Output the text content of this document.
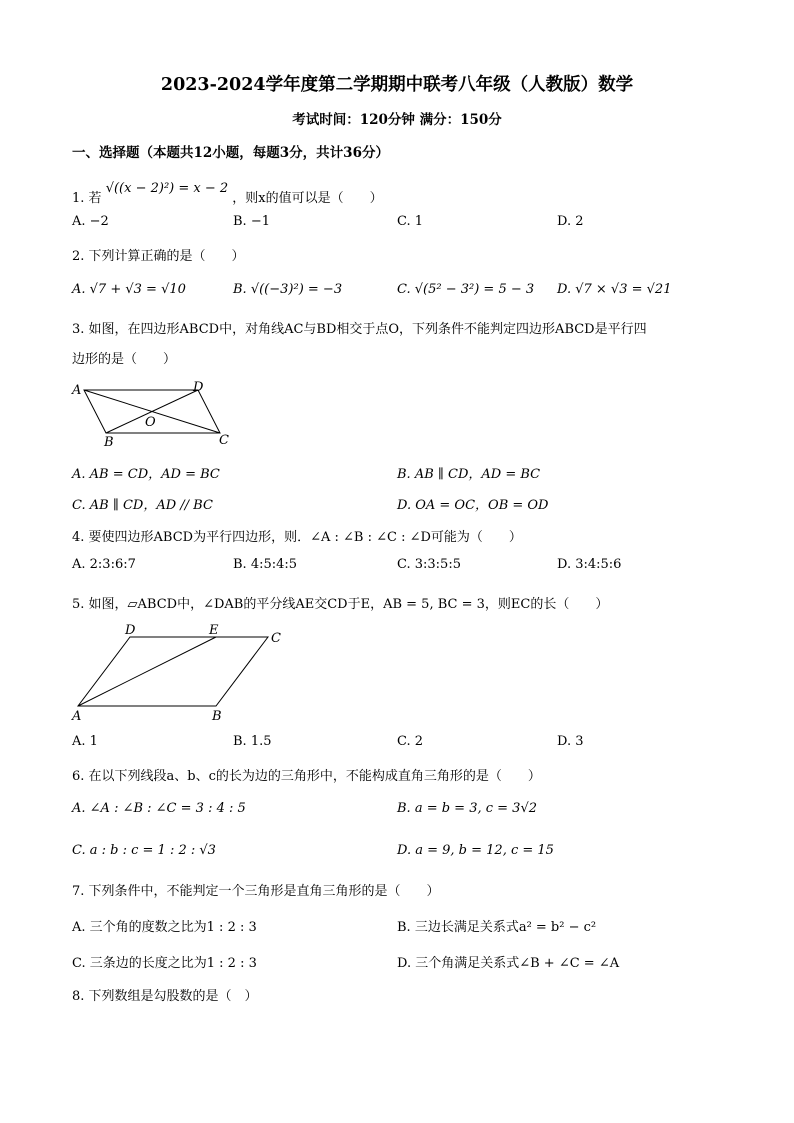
2023-2024学年度第二学期期中联考八年级（人教版）数学
考试时间：120分钟 满分：150分
一、选择题（本题共12小题，每题3分，共计36分）
1. 若 √((x − 2)²) = x − 2 ，则x的值可以是（　　）
A. −2	B. −1	C. 1	D. 2
2. 下列计算正确的是（　　）
A. √7 + √3 = √10	B. √((−3)²) = −3	C. √(5² − 3²) = 5 − 3 D. √7 × √3 = √21
3. 如图，在四边形ABCD中，对角线AC与BD相交于点O，下列条件不能判定四边形ABCD是平行四
边形的是（　　）
A	D
O
B	C
A. AB = CD，AD = BC	B. AB ∥ CD，AD = BC
C. AB ∥ CD，AD // BC	D. OA = OC，OB = OD
4. 要使四边形ABCD为平行四边形，则．∠A : ∠B : ∠C : ∠D可能为（　　）
A. 2:3:6:7	B. 4:5:4:5	C. 3:3:5:5	D. 3:4:5:6
5. 如图，▱ABCD中，∠DAB的平分线AE交CD于E，AB = 5, BC = 3，则EC的长（　　）
D	E
C
A	B
A. 1	B. 1.5	C. 2	D. 3
6. 在以下列线段a、b、c的长为边的三角形中，不能构成直角三角形的是（　　）
A. ∠A : ∠B : ∠C = 3 : 4 : 5	B. a = b = 3, c = 3√2
C. a : b : c = 1 : 2 : √3	D. a = 9, b = 12, c = 15
7. 下列条件中，不能判定一个三角形是直角三角形的是（　　）
A. 三个角的度数之比为1 : 2 : 3	B. 三边长满足关系式a² = b² − c²
C. 三条边的长度之比为1 : 2 : 3	D. 三个角满足关系式∠B + ∠C = ∠A
8. 下列数组是勾股数的是（　）
